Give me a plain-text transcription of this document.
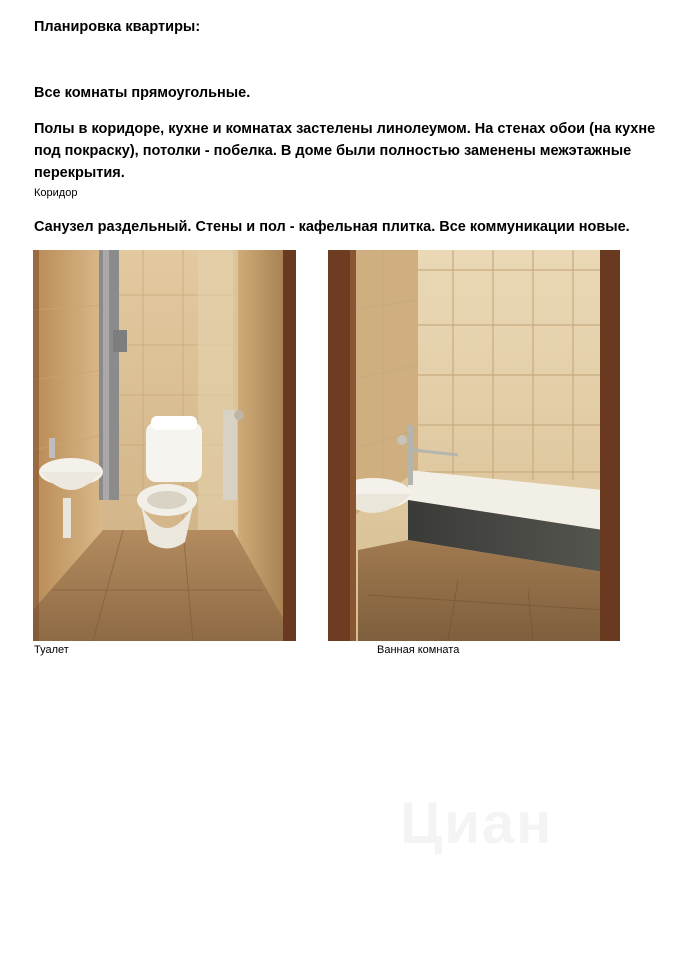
Планировка квартиры:

Все комнаты прямоугольные.

Полы в коридоре, кухне и комнатах застелены линолеумом. На стенах обои (на кухне

под покраску), потолки - побелка. В доме были полностью заменены межэтажные

перекрытия.

Коридор

Санузел раздельный. Стены и пол - кафельная плитка. Все коммуникации новые.

Туалет	Ванная комната
